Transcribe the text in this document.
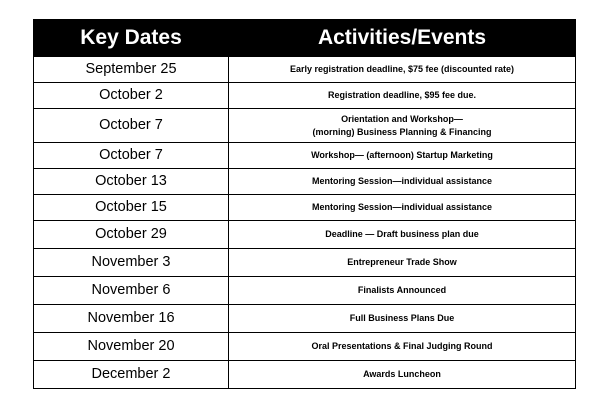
Key Dates	Activities/Events
September 25	Early registration deadline, $75 fee (discounted rate)

October 2	Registration deadline, $95 fee due.

October 7	Orientation and Workshop—
(morning) Business Planning & Financing

October 7	Workshop— (afternoon) Startup Marketing

October 13	Mentoring Session—individual assistance

October 15	Mentoring Session—individual assistance

October 29	Deadline — Draft business plan due

November 3	Entrepreneur Trade Show

November 6	Finalists Announced

November 16	Full Business Plans Due

November 20	Oral Presentations & Final Judging Round

December 2	Awards Luncheon
